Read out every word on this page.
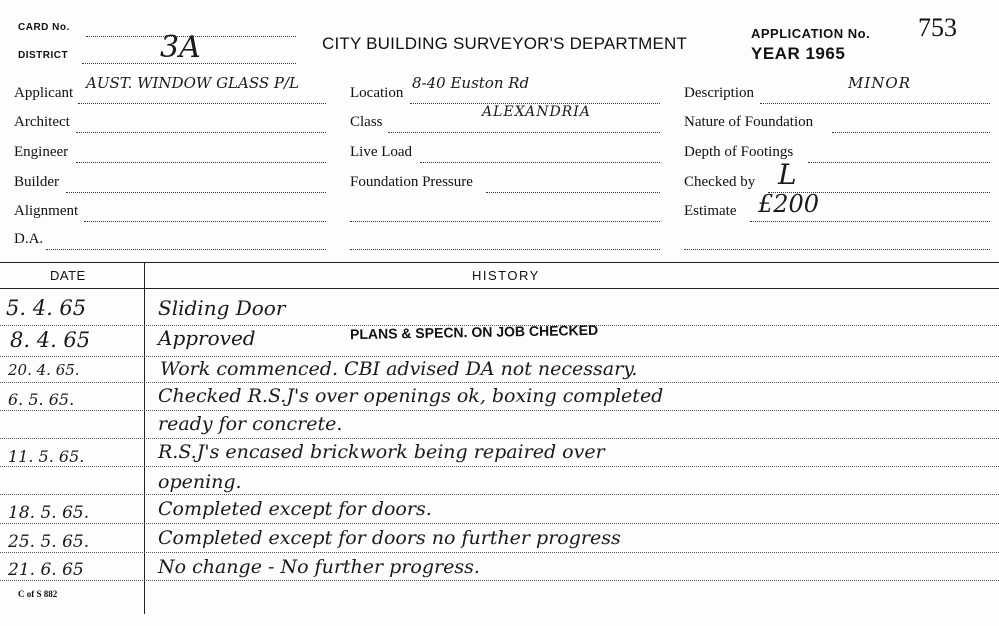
CARD No.
DISTRICT	3A	CITY BUILDING SURVEYOR'S DEPARTMENT
APPLICATION No. 753
YEAR 1965
Applicant
AUST. WINDOW GLASS P/L
Architect
Engineer
Builder
Alignment
D.A.
Location
8-40 Euston Rd
Class
ALEXANDRIA
Live Load
Foundation Pressure
Description
MINOR
Nature of Foundation
Depth of Footings
Checked by L
Estimate £200
DATE	HISTORY
5. 4. 65	Sliding Door
8. 4. 65	Approved	PLANS & SPECN. ON JOB CHECKED
20. 4. 65.	Work commenced. CBI advised DA not necessary.
6. 5. 65.	Checked R.S.J's over openings ok, boxing completed
ready for concrete.
11. 5. 65.	R.S.J's encased brickwork being repaired over
opening.
18. 5. 65.	Completed except for doors.
25. 5. 65.	Completed except for doors no further progress
21. 6. 65	No change - No further progress.
C of S 882
